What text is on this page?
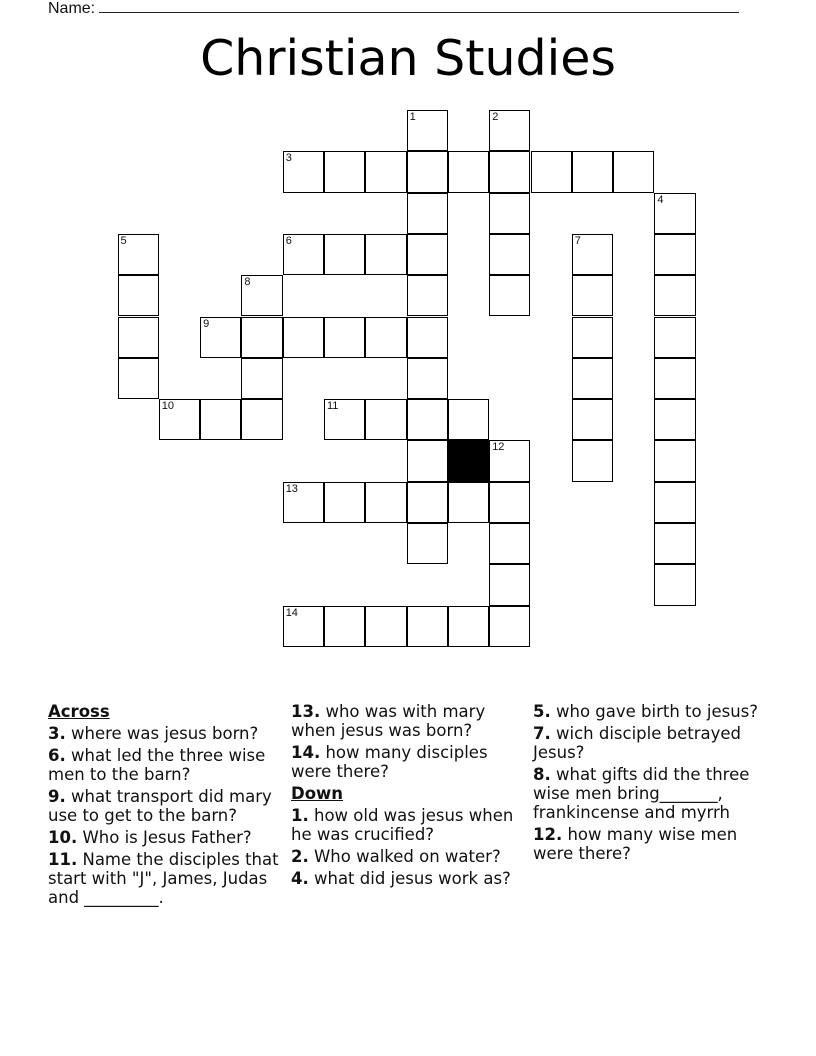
Name:
Christian Studies
1	2
3
4
5	6	7
8
9
10	11
12
13
14
Across
3. where was jesus born?
6. what led the three wise men to the barn?
9. what transport did mary use to get to the barn?
10. Who is Jesus Father?
11. Name the disciples that start with "J", James, Judas and _________.
13. who was with mary when jesus was born?
14. how many disciples were there?
Down
1. how old was jesus when he was crucified?
2. Who walked on water?
4. what did jesus work as?
5. who gave birth to jesus?
7. wich disciple betrayed Jesus?
8. what gifts did the three wise men bring_______, frankincense and myrrh
12. how many wise men were there?
